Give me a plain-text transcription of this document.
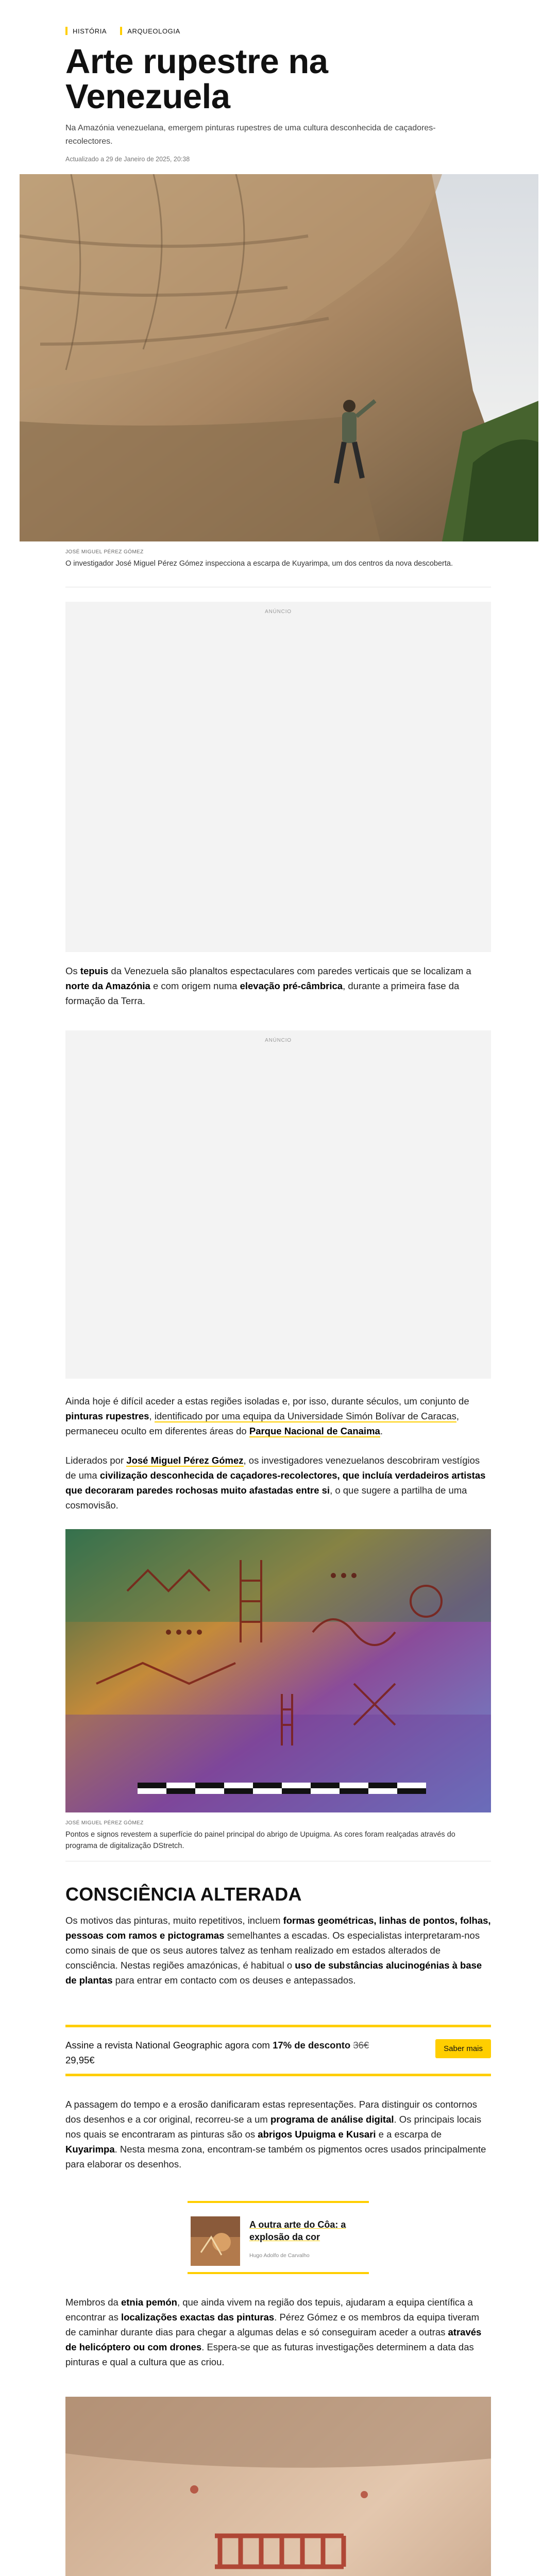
HISTÓRIA	ARQUEOLOGIA
Arte rupestre na Venezuela

Na Amazónia venezuelana, emergem pinturas rupestres de uma cultura desconhecida de caçadores-recolectores.

Actualizado a 29 de Janeiro de 2025, 20:38

JOSÉ MIGUEL PÉREZ GÓMEZ
O investigador José Miguel Pérez Gómez inspecciona a escarpa de Kuyarimpa, um dos centros da nova descoberta.
ANÚNCIO

Os tepuis da Venezuela são planaltos espectaculares com paredes verticais que se localizam a norte da Amazónia e com origem numa elevação pré-câmbrica, durante a primeira fase da formação da Terra.

ANÚNCIO

Ainda hoje é difícil aceder a estas regiões isoladas e, por isso, durante séculos, um conjunto de pinturas rupestres, identificado por uma equipa da Universidade Simón Bolívar de Caracas, permaneceu oculto em diferentes áreas do Parque Nacional de Canaima.

Liderados por José Miguel Pérez Gómez, os investigadores venezuelanos descobriram vestígios de uma civilização desconhecida de caçadores-recolectores, que incluía verdadeiros artistas que decoraram paredes rochosas muito afastadas entre si, o que sugere a partilha de uma cosmovisão.

JOSÉ MIGUEL PÉREZ GÓMEZ
Pontos e signos revestem a superfície do painel principal do abrigo de Upuigma. As cores foram realçadas através do programa de digitalização DStretch.
CONSCIÊNCIA ALTERADA

Os motivos das pinturas, muito repetitivos, incluem formas geométricas, linhas de pontos, folhas, pessoas com ramos e pictogramas semelhantes a escadas. Os especialistas interpretaram-nos como sinais de que os seus autores talvez as tenham realizado em estados alterados de consciência. Nestas regiões amazónicas, é habitual o uso de substâncias alucinogénias à base de plantas para entrar em contacto com os deuses e antepassados.

Assine a revista National Geographic agora com 17% de desconto 36€
29,95€
Saber mais

A passagem do tempo e a erosão danificaram estas representações. Para distinguir os contornos dos desenhos e a cor original, recorreu-se a um programa de análise digital. Os principais locais nos quais se encontraram as pinturas são os abrigos Upuigma e Kusari e a escarpa de Kuyarimpa. Nesta mesma zona, encontram-se também os pigmentos ocres usados principalmente para elaborar os desenhos.

A outra arte do Côa: a explosão da cor
Hugo Adolfo de Carvalho

Membros da etnia pemón, que ainda vivem na região dos tepuis, ajudaram a equipa científica a encontrar as localizações exactas das pinturas. Pérez Gómez e os membros da equipa tiveram de caminhar durante dias para chegar a algumas delas e só conseguiram aceder a outras através de helicóptero ou com drones. Espera-se que as futuras investigações determinem a data das pinturas e qual a cultura que as criou.
